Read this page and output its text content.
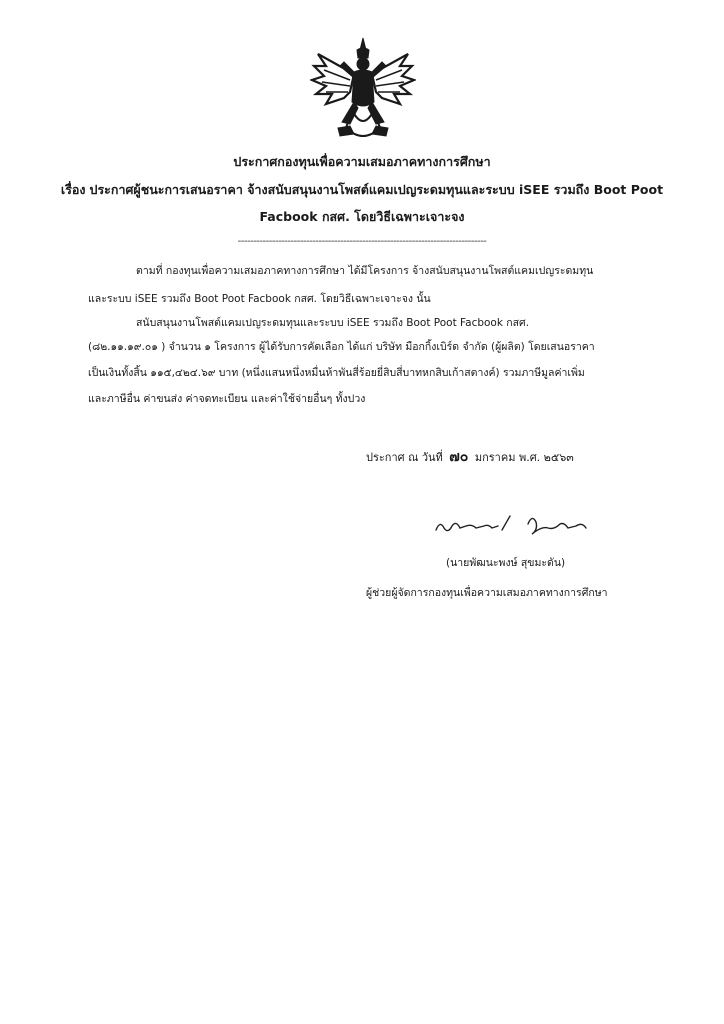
ประกาศกองทุนเพื่อความเสมอภาคทางการศึกษา
เรื่อง ประกาศผู้ชนะการเสนอราคา จ้างสนับสนุนงานโพสต์แคมเปญระดมทุนและระบบ iSEE รวมถึง Boot Poot
Facbook กสศ. โดยวิธีเฉพาะเจาะจง
--------------------------------------------------------------------------------
ตามที่ กองทุนเพื่อความเสมอภาคทางการศึกษา ได้มีโครงการ จ้างสนับสนุนงานโพสต์แคมเปญระดมทุน
และระบบ iSEE รวมถึง Boot Poot Facbook กสศ. โดยวิธีเฉพาะเจาะจง นั้น
สนับสนุนงานโพสต์แคมเปญระดมทุนและระบบ iSEE รวมถึง Boot Poot Facbook กสศ.
(๘๒.๑๑.๑๙.๐๑ ) จำนวน ๑ โครงการ ผู้ได้รับการคัดเลือก ได้แก่ บริษัท มือกกิ้งเบิร์ด จำกัด (ผู้ผลิต) โดยเสนอราคา
เป็นเงินทั้งสิ้น ๑๑๕,๔๒๔.๖๙ บาท (หนึ่งแสนหนึ่งหมื่นห้าพันสี่ร้อยยี่สิบสี่บาทหกสิบเก้าสตางค์) รวมภาษีมูลค่าเพิ่ม
และภาษีอื่น ค่าขนส่ง ค่าจดทะเบียน และค่าใช้จ่ายอื่นๆ ทั้งปวง
ประกาศ ณ วันที่ ๗๐ มกราคม พ.ศ. ๒๕๖๓
(นายพัฒนะพงษ์ สุขมะดัน)
ผู้ช่วยผู้จัดการกองทุนเพื่อความเสมอภาคทางการศึกษา
